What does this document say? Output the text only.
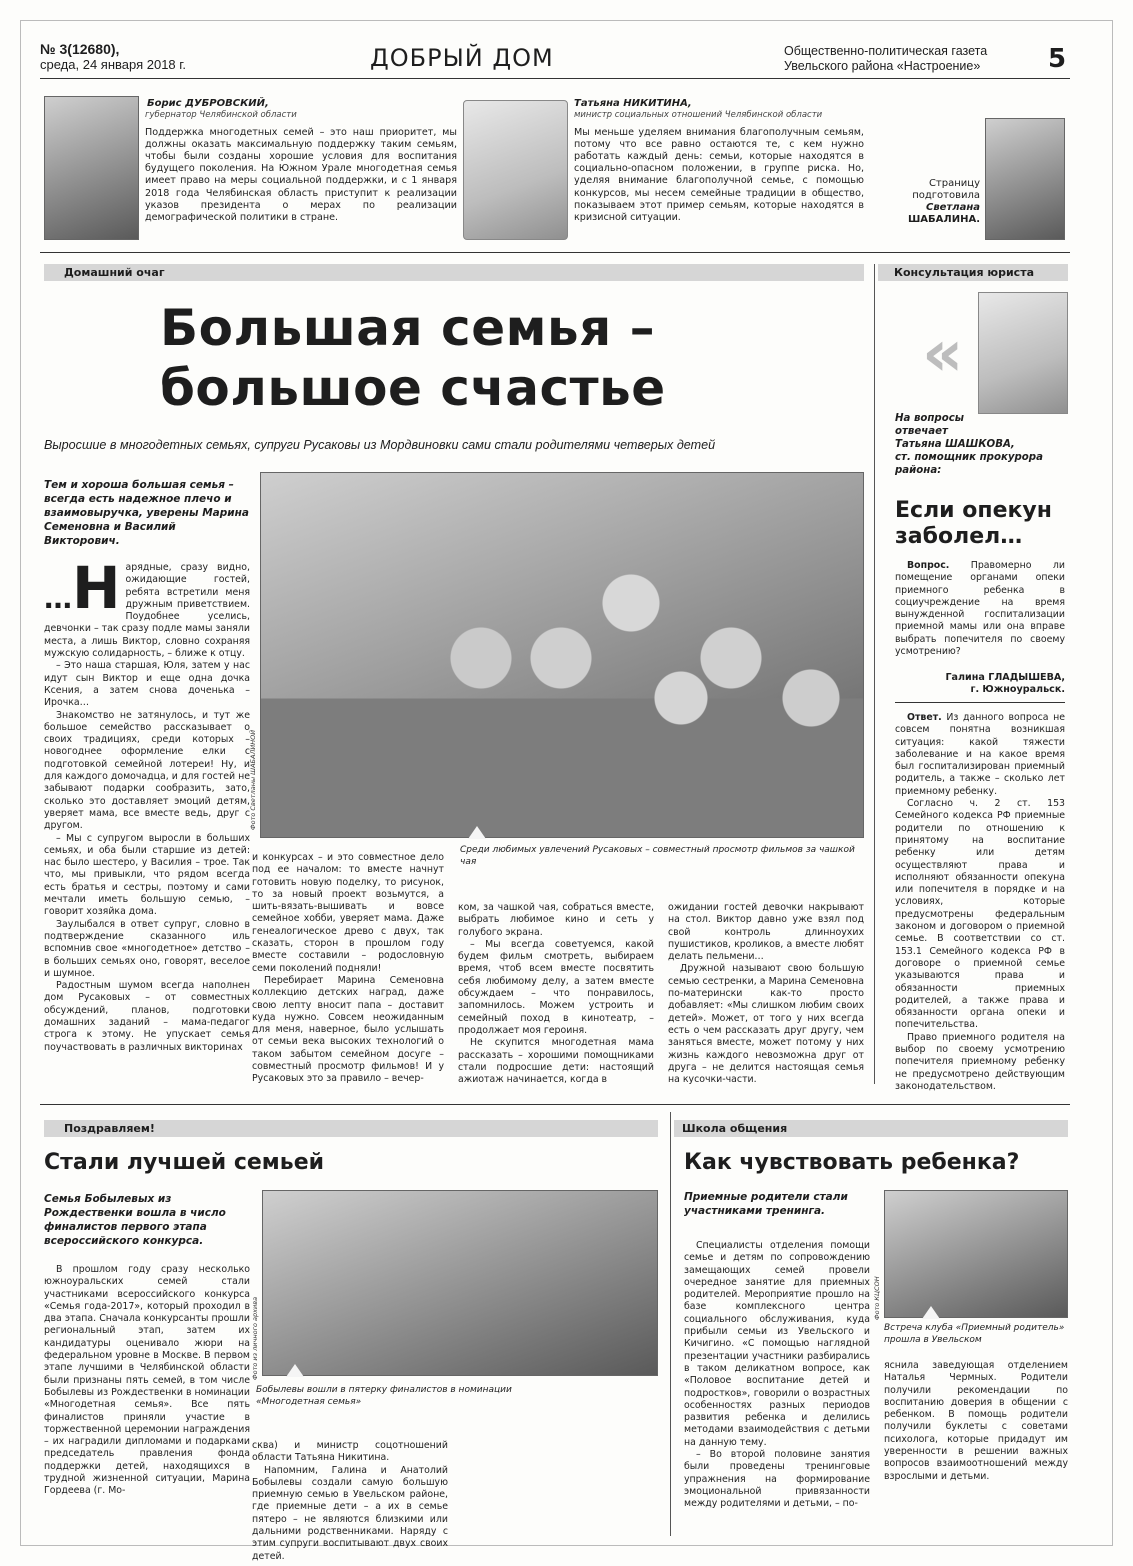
№ 3(12680),
среда, 24 января 2018 г.	ДОБРЫЙ ДОМ	Общественно-политическая газета
Увельского района «Настроение»	5
Борис ДУБРОВСКИЙ,
губернатор Челябинской области

Поддержка многодетных семей – это наш приоритет, мы должны оказать максимальную поддержку таким семьям, чтобы были созданы хорошие условия для воспитания будущего поколения. На Южном Урале многодетная семья имеет право на меры социальной поддержки, и с 1 января 2018 года Челябинская область приступит к реализации указов президента о мерах по реализации демографической политики в стране.

Татьяна НИКИТИНА,
министр социальных отношений Челябинской области

Мы меньше уделяем внимания благополучным семьям, потому что все равно остаются те, с кем нужно работать каждый день: семьи, которые находятся в социально-опасном положении, в группе риска. Но, уделяя внимание благополучной семье, с помощью конкурсов, мы несем семейные традиции в общество, показываем этот пример семьям, которые находятся в кризисной ситуации.

Страницу
подготовила
Светлана
ШАБАЛИНА.
Домашний очаг
Большая семья –
большое счастье
Выросшие в многодетных семьях, супруги Русаковы из Мордвиновки сами стали родителями четверых детей
Тем и хороша большая семья – всегда есть надежное плечо и взаимовыручка, уверены Марина Семеновна и Василий Викторович.
…Н арядные, сразу видно, ожидающие гостей, ребята встретили меня дружным приветствием. Поудобнее уселись, девчонки – так сразу подле мамы заняли места, а лишь Виктор, словно сохраняя мужскую солидарность, – ближе к отцу.

– Это наша старшая, Юля, затем у нас идут сын Виктор и еще одна дочка Ксения, а затем снова доченька – Ирочка…

Знакомство не затянулось, и тут же большое семейство рассказывает о своих традициях, среди которых – новогоднее оформление елки с подготовкой семейной лотереи! Ну, и для каждого домочадца, и для гостей не забывают подарки сообразить, зато, сколько это доставляет эмоций детям, уверяет мама, все вместе ведь, друг с другом.

– Мы с супругом выросли в больших семьях, и оба были старшие из детей: нас было шестеро, у Василия – трое. Так что, мы привыкли, что рядом всегда есть братья и сестры, поэтому и сами мечтали иметь большую семью, – говорит хозяйка дома.

Заулыбался в ответ супруг, словно в подтверждение сказанного иль вспомнив свое «многодетное» детство – в больших семьях оно, говорят, веселое и шумное.

Радостным шумом всегда наполнен дом Русаковых – от совместных обсуждений, планов, подготовки домашних заданий – мама-педагог строга к этому. Не упускает семья поучаствовать в различных викторинах

Фото Светланы ШАБАЛИНОЙ
Среди любимых увлечений Русаковых – совместный просмотр фильмов за чашкой чая

и конкурсах – и это совместное дело под ее началом: то вместе начнут готовить новую поделку, то рисунок, то за новый проект возьмутся, а шить-вязать-вышивать и вовсе семейное хобби, уверяет мама. Даже генеалогическое древо с двух, так сказать, сторон в прошлом году вместе составили – родословную семи поколений подняли!

Перебирает Марина Семеновна коллекцию детских наград, даже свою лепту вносит папа – доставит куда нужно. Совсем неожиданным для меня, наверное, было услышать от семьи века высоких технологий о таком забытом семейном досуге – совместный просмотр фильмов! И у Русаковых это за правило – вечер-

ком, за чашкой чая, собраться вместе, выбрать любимое кино и сеть у голубого экрана.

– Мы всегда советуемся, какой будем фильм смотреть, выбираем время, чтоб всем вместе посвятить себя любимому делу, а затем вместе обсуждаем – что понравилось, запомнилось. Можем устроить и семейный поход в кинотеатр, – продолжает моя героиня.

Не скупится многодетная мама рассказать – хорошими помощниками стали подросшие дети: настоящий ажиотаж начинается, когда в

ожидании гостей девочки накрывают на стол. Виктор давно уже взял под свой контроль длинноухих пушистиков, кроликов, а вместе любят делать пельмени…

Дружной называют свою большую семью сестренки, а Марина Семеновна по-матерински как-то просто добавляет: «Мы слишком любим своих детей». Может, от того у них всегда есть о чем рассказать друг другу, чем заняться вместе, может потому у них жизнь каждого невозможна друг от друга – не делится настоящая семья на кусочки-части.

Консультация юриста
«
На вопросы
отвечает
Татьяна ШАШКОВА,
ст. помощник прокурора
района:
Если опекун заболел…

Вопрос. Правомерно ли помещение органами опеки приемного ребенка в социучреждение на время вынужденной госпитализации приемной мамы или она вправе выбрать попечителя по своему усмотрению?

Галина ГЛАДЫШЕВА,
г. Южноуральск.

Ответ. Из данного вопроса не совсем понятна возникшая ситуация: какой тяжести заболевание и на какое время был госпитализирован приемный родитель, а также – сколько лет приемному ребенку.

Согласно ч. 2 ст. 153 Семейного кодекса РФ приемные родители по отношению к принятому на воспитание ребенку или детям осуществляют права и исполняют обязанности опекуна или попечителя в порядке и на условиях, которые предусмотрены федеральным законом и договором о приемной семье. В соответствии со ст. 153.1 Семейного кодекса РФ в договоре о приемной семье указываются права и обязанности приемных родителей, а также права и обязанности органа опеки и попечительства.

Право приемного родителя на выбор по своему усмотрению попечителя приемному ребенку не предусмотрено действующим законодательством.

Поздравляем!
Стали лучшей семьей
Семья Бобылевых из Рождественки вошла в число финалистов первого этапа всероссийского конкурса.

В прошлом году сразу несколько южноуральских семей стали участниками всероссийского конкурса «Семья года-2017», который проходил в два этапа. Сначала конкурсанты прошли региональный этап, затем их кандидатуры оценивало жюри на федеральном уровне в Москве. В первом этапе лучшими в Челябинской области были признаны пять семей, в том числе Бобылевы из Рождественки в номинации «Многодетная семья». Все пять финалистов приняли участие в торжественной церемонии награждения – их наградили дипломами и подарками председатель правления фонда поддержки детей, находящихся в трудной жизненной ситуации, Марина Гордеева (г. Мо-

Фото из личного архива
Бобылевы вошли в пятерку финалистов в номинации «Многодетная семья»

сква) и министр соцотношений области Татьяна Никитина.

Напомним, Галина и Анатолий Бобылевы создали самую большую приемную семью в Увельском районе, где приемные дети – а их в семье пятеро – не являются близкими или дальними родственниками. Наряду с этим супруги воспитывают двух своих детей.

Школа общения
Как чувствовать ребенка?
Приемные родители стали участниками тренинга.

Специалисты отделения помощи семье и детям по сопровождению замещающих семей провели очередное занятие для приемных родителей. Мероприятие прошло на базе комплексного центра социального обслуживания, куда прибыли семьи из Увельского и Кичигино. «С помощью наглядной презентации участники разбирались в таком деликатном вопросе, как «Половое воспитание детей и подростков», говорили о возрастных особенностях разных периодов развития ребенка и делились методами взаимодействия с детьми на данную тему.

– Во второй половине занятия были проведены тренинговые упражнения на формирование эмоциональной привязанности между родителями и детьми, – по-

Фото КЦСОН
Встреча клуба «Приемный родитель» прошла в Увельском

яснила заведующая отделением Наталья Чермных. Родители получили рекомендации по воспитанию доверия в общении с ребенком. В помощь родители получили буклеты с советами психолога, которые придадут им уверенности в решении важных вопросов взаимоотношений между взрослыми и детьми.
